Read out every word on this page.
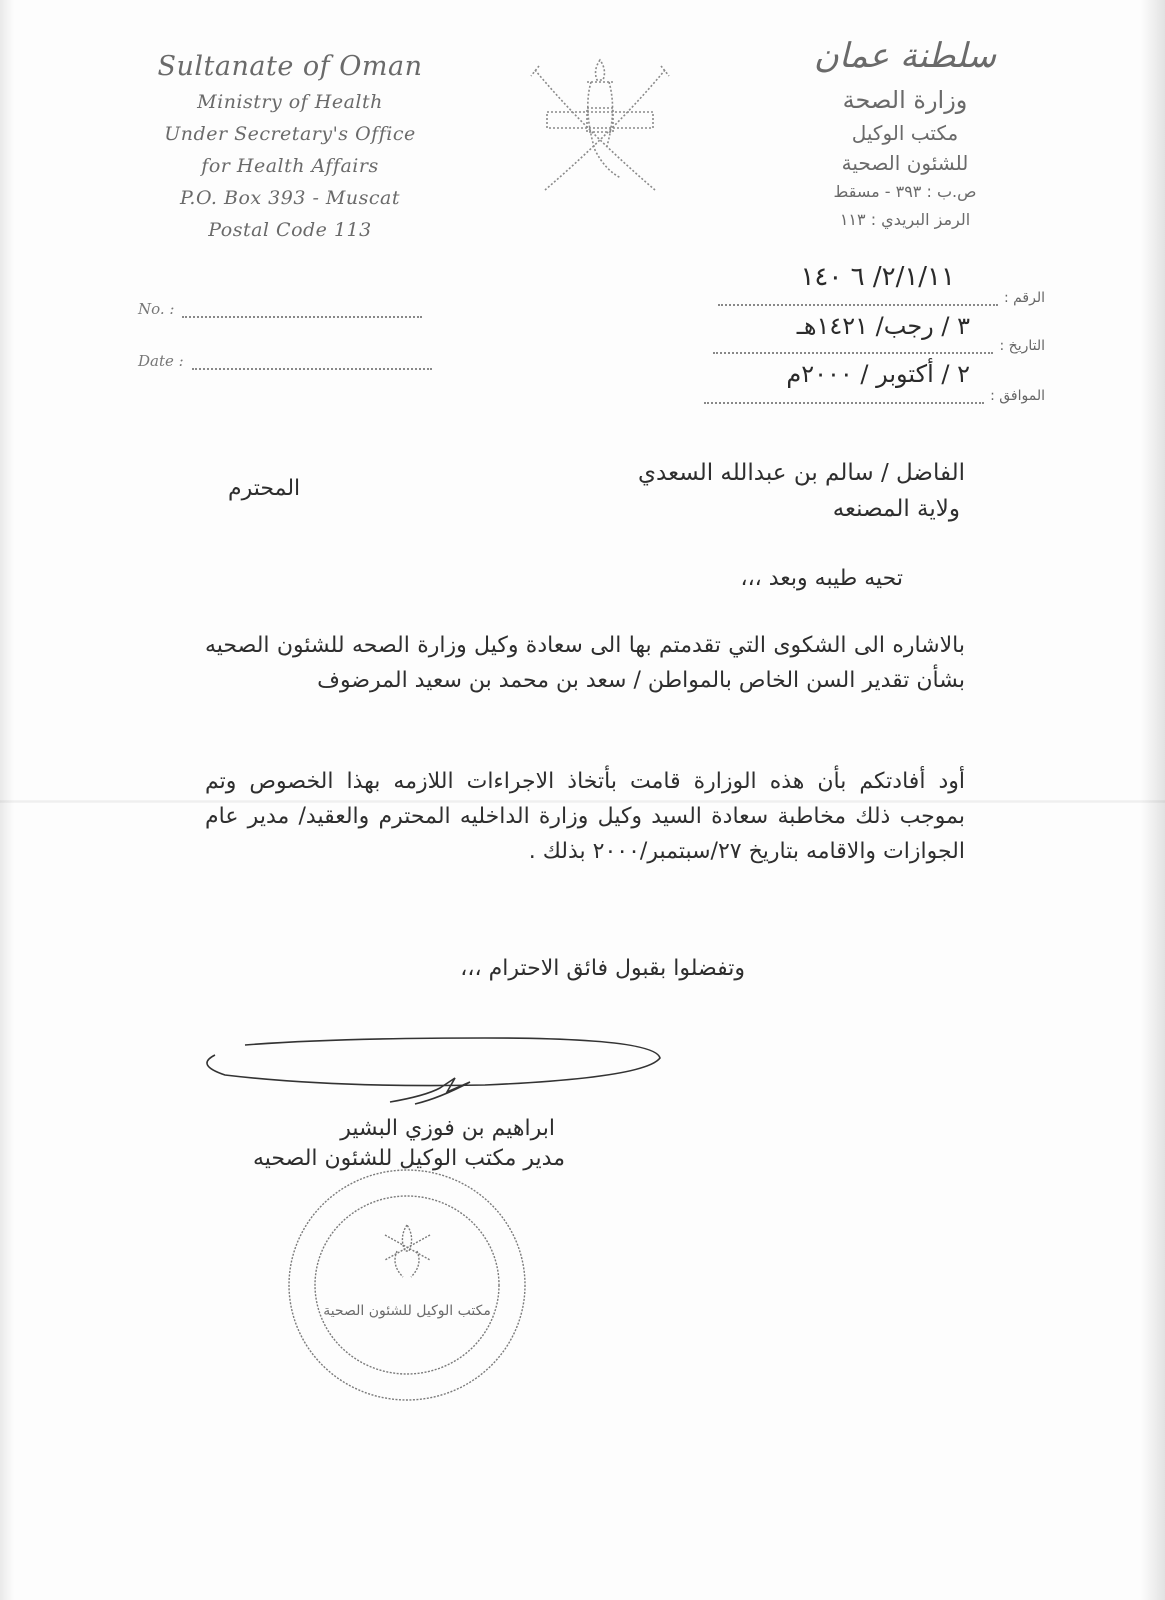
Sultanate of Oman
Ministry of Health
Under Secretary's Office
for Health Affairs
P.O. Box 393 - Muscat
Postal Code 113
سلطنة عمان
وزارة الصحة
مكتب الوكيل
للشئون الصحية
ص.ب : ٣٩٣ - مسقط
الرمز البريدي : ١١٣
No. :
Date :
الرقم :
٢/١/١١/ ٦ ١٤٠
التاريخ :
٣ / رجب/ ١٤٢١هـ
الموافق :
٢ / أكتوبر / ٢٠٠٠م
الفاضل / سالم بن عبدالله السعدي
ولاية المصنعه
المحترم
تحيه طيبه وبعد ،،،
بالاشاره الى الشكوى التي تقدمتم بها الى سعادة وكيل وزارة الصحه للشئون الصحيه بشأن تقدير السن الخاص بالمواطن / سعد بن محمد بن سعيد المرضوف
أود أفادتكم بأن هذه الوزارة قامت بأتخاذ الاجراءات اللازمه بهذا الخصوص وتم بموجب ذلك مخاطبة سعادة السيد وكيل وزارة الداخليه المحترم والعقيد/ مدير عام الجوازات والاقامه بتاريخ ٢٧/سبتمبر/٢٠٠٠ بذلك .
وتفضلوا بقبول فائق الاحترام ،،،
ابراهيم بن فوزي البشير
مدير مكتب الوكيل للشئون الصحيه
مكتب الوكيل للشئون الصحية
